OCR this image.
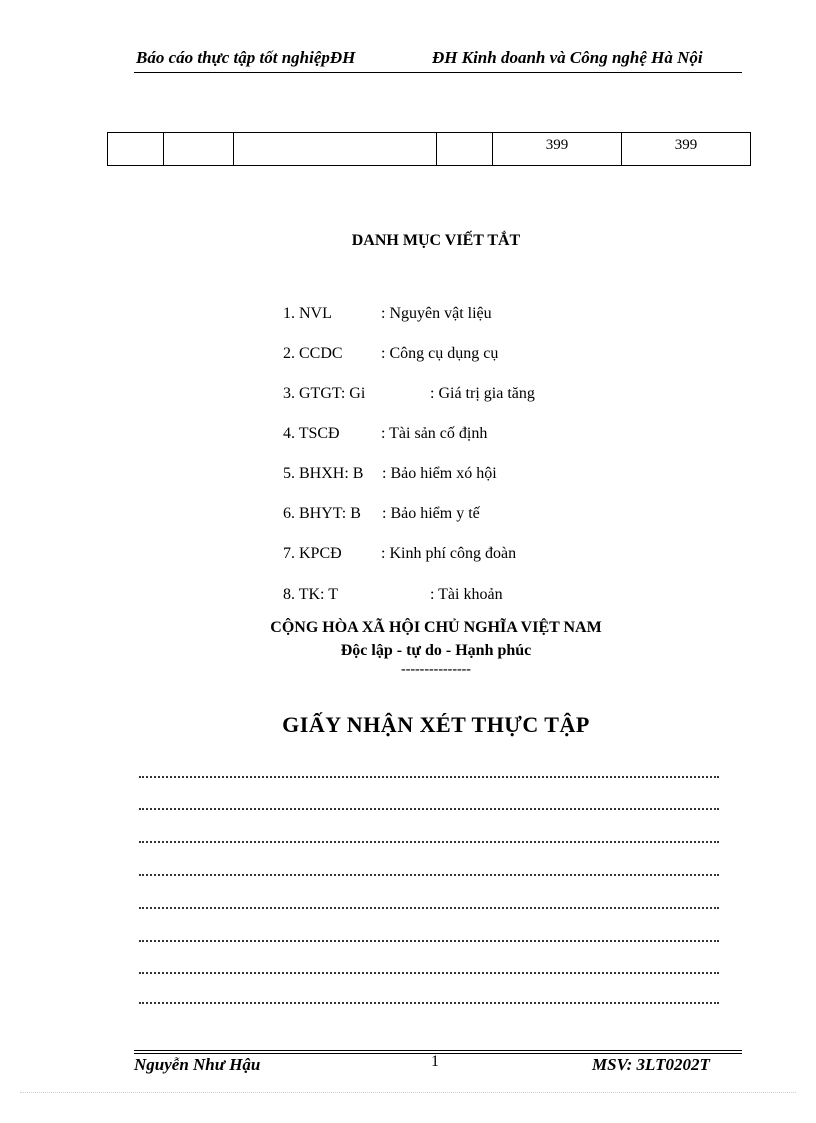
Báo cáo thực tập tốt nghiệpĐH	ĐH Kinh doanh và Công nghệ Hà Nội

399	399
DANH MỤC VIẾT TẮT
1. NVL	: Nguyên vật liệu
2. CCDC : Công cụ dụng cụ
3. GTGT: Gi	: Giá trị gia tăng
4. TSCĐ	: Tài sản cố định
5. BHXH: B : Bảo hiểm xó hội
6. BHYT: B : Bảo hiểm y tế
7. KPCĐ : Kinh phí công đoàn
8. TK: T	: Tài khoản
CỘNG HÒA XÃ HỘI CHỦ NGHĨA VIỆT NAM
Độc lập - tự do - Hạnh phúc
---------------
GIẤY NHẬN XÉT THỰC TẬP
Nguyễn Như Hậu	1	MSV: 3LT0202T
